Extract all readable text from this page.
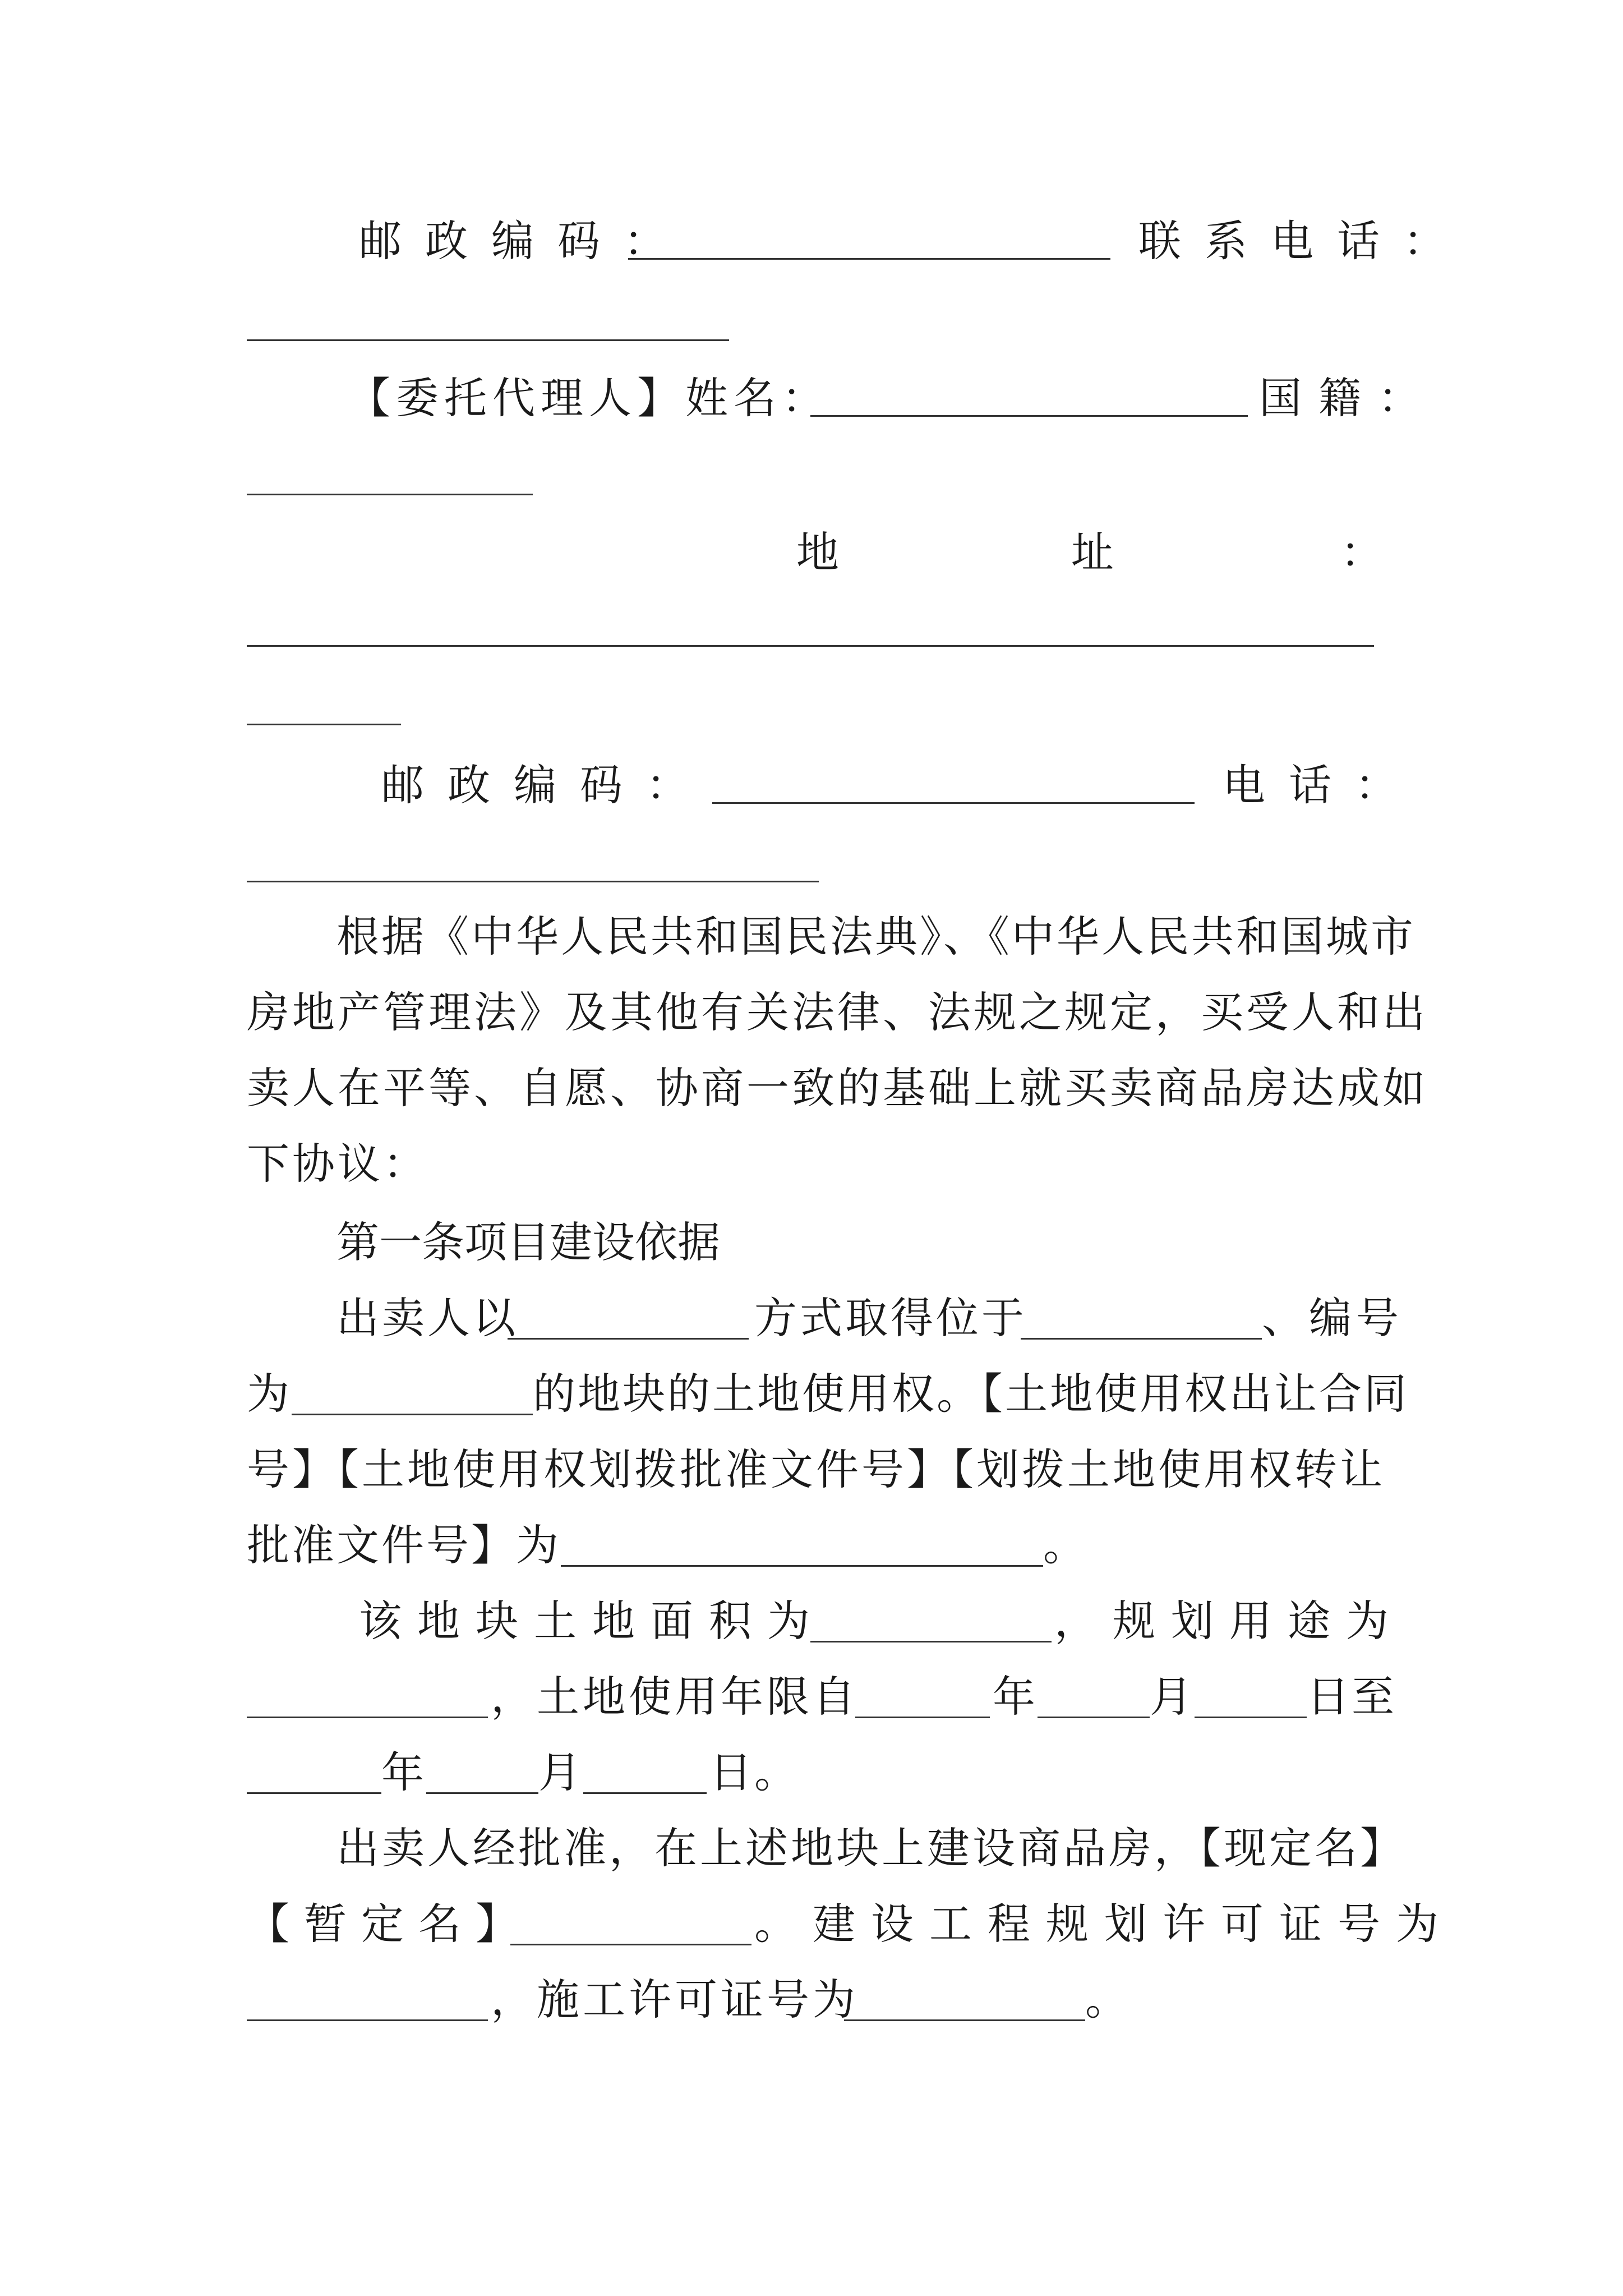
邮政编码：	联系电话：
【委托代理人】姓名：	国籍：
地	址	：
邮政编码：	电话：
根据《中华人民共和国民法典》、《中华人民共和国城市
房地产管理法》及其他有关法律、法规之规定，买受人和出
卖人在平等、自愿、协商一致的基础上就买卖商品房达成如
下协议：
第一条项目建设依据
出卖人以	方式取得位于	、编号
为	的地块的土地使用权。【土地使用权出让合同
号】【土地使用权划拨批准文件号】【划拨土地使用权转让
批准文件号】为	。
该地块土地面积为	，规划用途为
，土地使用年限自	年	月	日至
年	月	日。
出卖人经批准，在上述地块上建设商品房，【现定名】
【暂定名】	。建设工程规划许可证号为
，施工许可证号为	。
